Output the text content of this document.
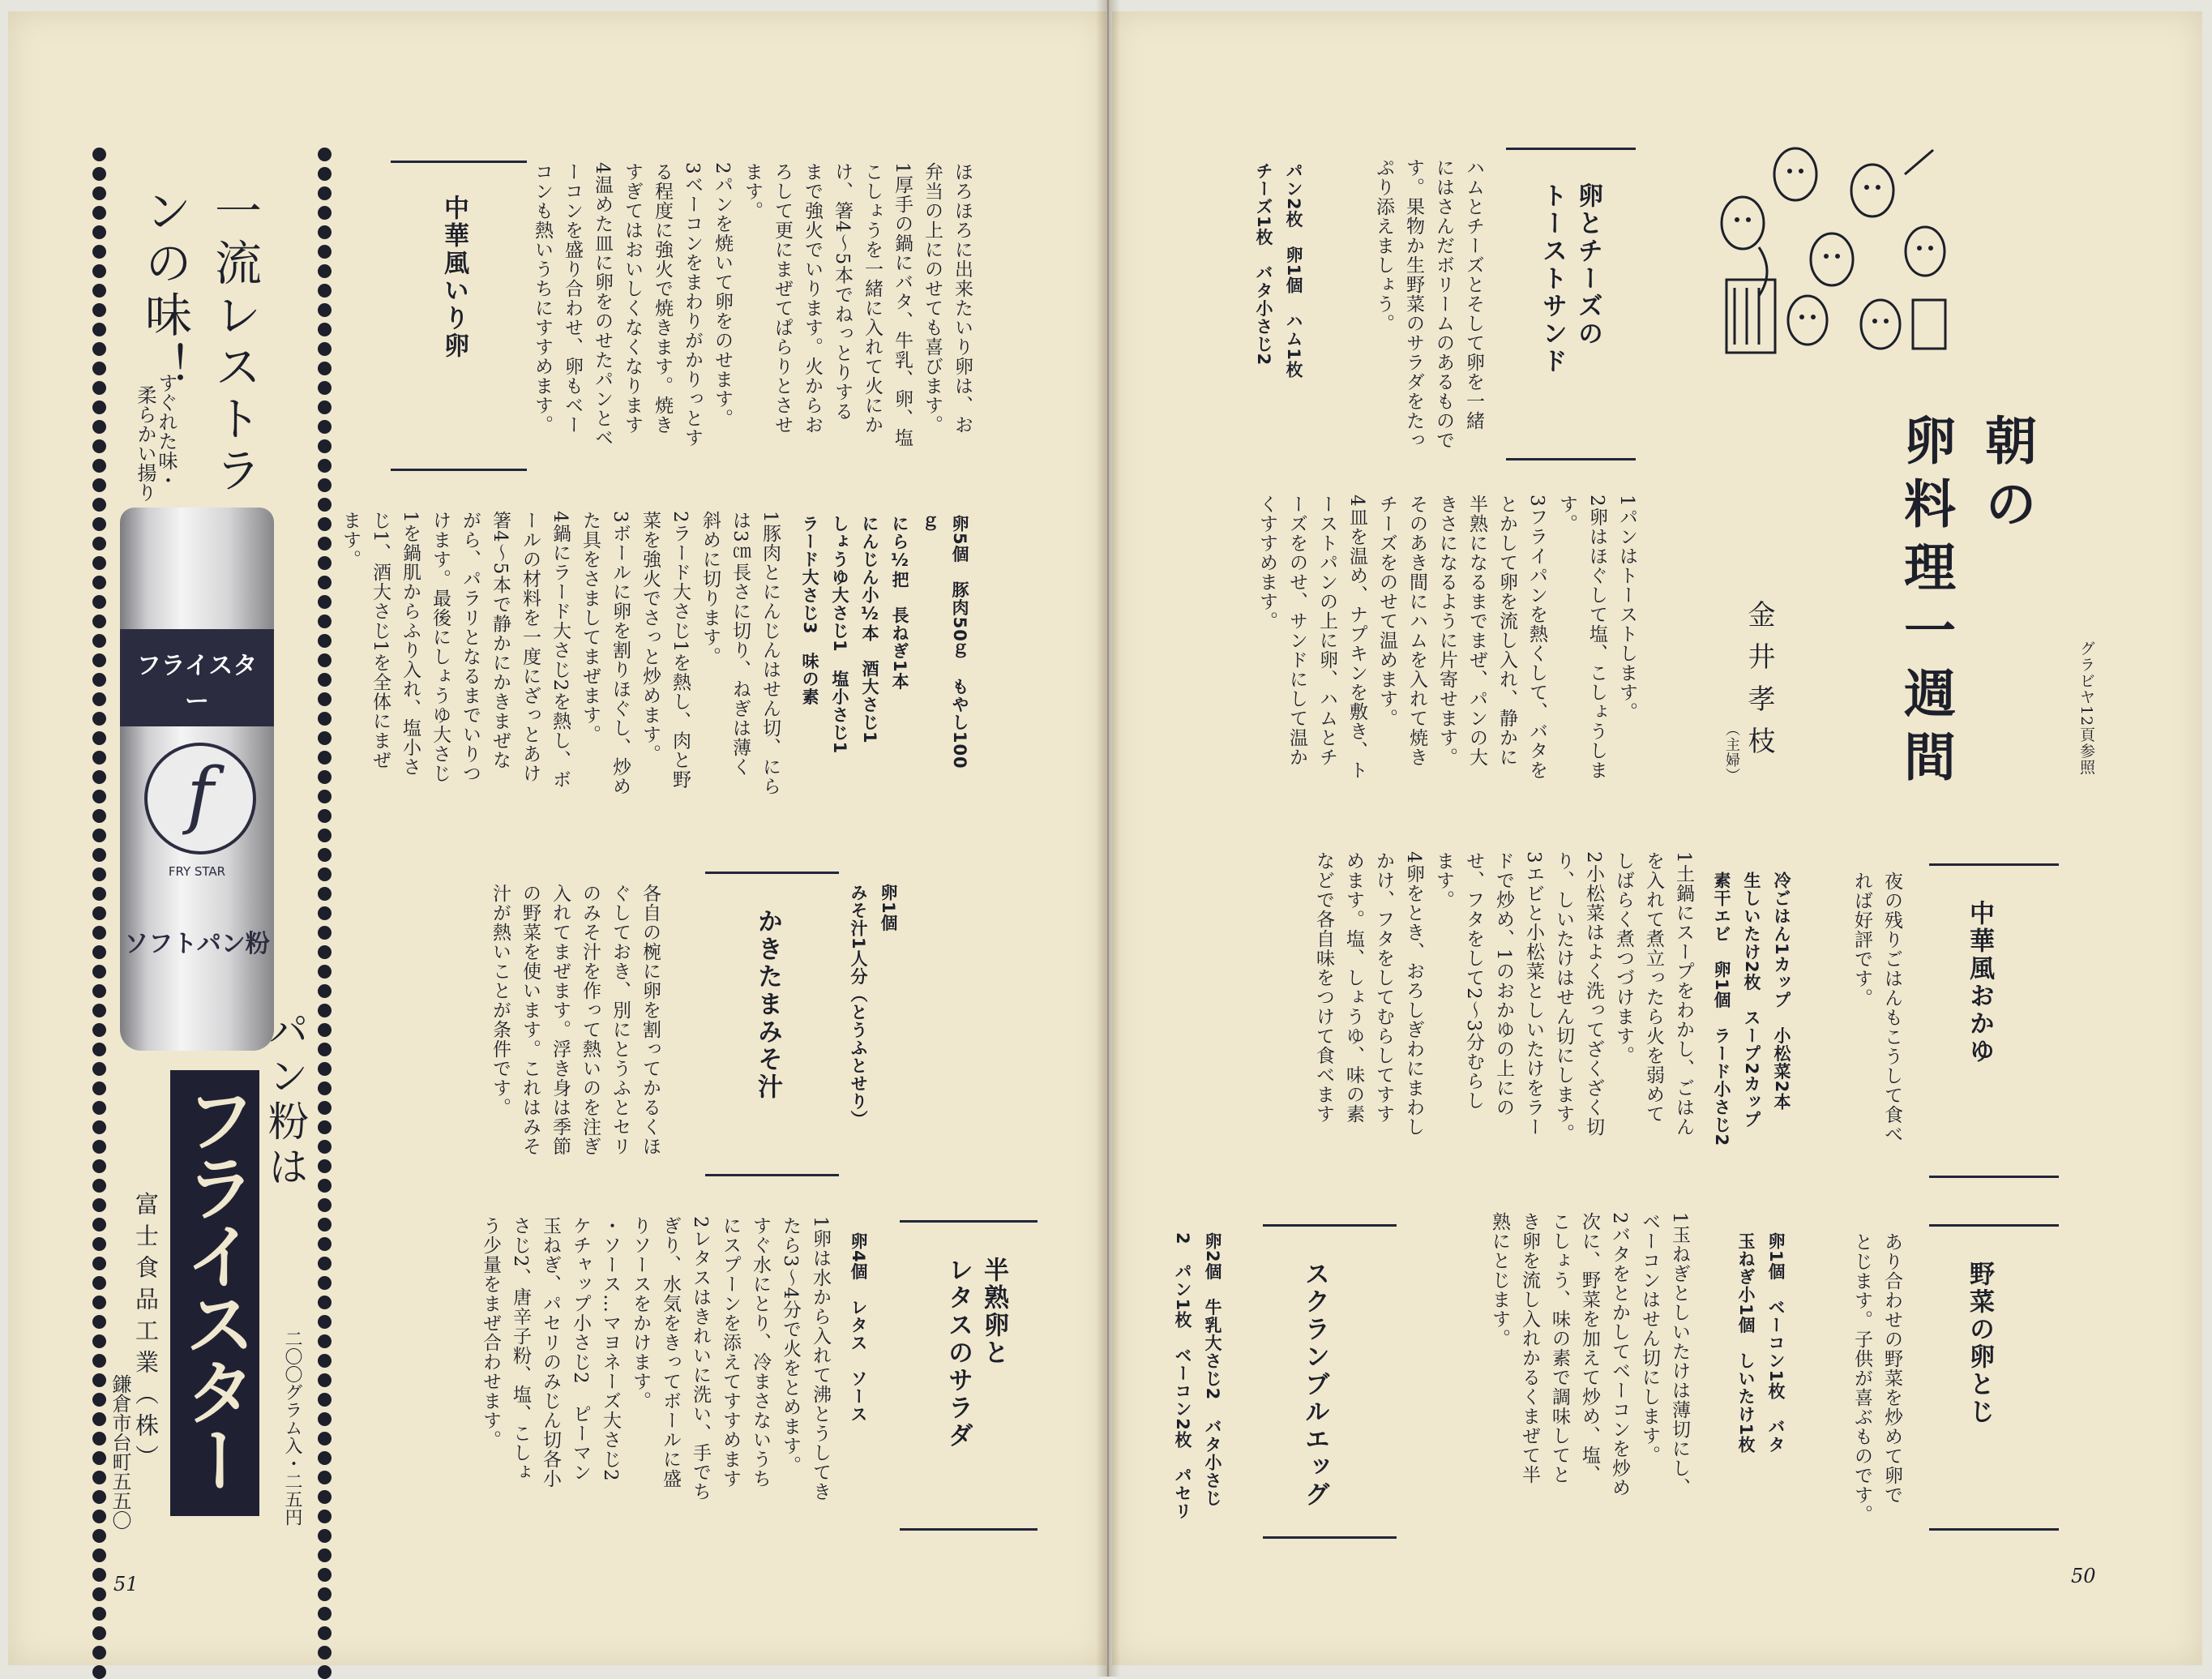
一流レストランの味！
すぐれた味・
柔らかい揚り
フライスター
f
FRY STAR
ソフトパン粉
パン粉は
フライスター 二〇〇グラム入・二五円
富士食品工業（株）
鎌倉市台町五五〇
51
中華風いり卵	ほろほろに出来たいり卵は、お
弁当の上にのせても喜びます。
1厚手の鍋にバタ、牛乳、卵、塩
こしょうを一緒に入れて火にか
け、箸4〜5本でねっとりする
まで強火でいります。火からお
ろして更にまぜてぱらりとさせ
ます。
2パンを焼いて卵をのせます。
3ベーコンをまわりがかりっとす
る程度に強火で焼きます。焼き
すぎてはおいしくなくなります
4温めた皿に卵をのせたパンとベ
ーコンを盛り合わせ、卵もベー
コンも熱いうちにすすめます。
卵5個　豚肉50ｇ　もやし100ｇ
にら½把　長ねぎ1本
にんじん小½本　酒大さじ1
しょうゆ大さじ1　塩小さじ1
ラード大さじ3　味の素
1豚肉とにんじんはせん切、にら
は3㎝長さに切り、ねぎは薄く
斜めに切ります。
2ラード大さじ1を熱し、肉と野
菜を強火でさっと炒めます。
3ボールに卵を割りほぐし、炒め
た具をさましてまぜます。
4鍋にラード大さじ2を熱し、ボ
ールの材料を一度にざっとあけ
箸4〜5本で静かにかきまぜな
がら、パラリとなるまでいりつ
けます。最後にしょうゆ大さじ
1を鍋肌からふり入れ、塩小さ
じ1、酒大さじ1を全体にまぜ
ます。
かきたまみそ汁
卵1個
みそ汁1人分（とうふとせり）
半熟卵と
レタスのサラダ
卵4個　レタス　ソース
1卵は水から入れて沸とうしてき
たら3〜4分で火をとめます。
すぐ水にとり、冷まさないうち
にスプーンを添えてすすめます
2レタスはきれいに洗い、手でち
ぎり、水気をきってボールに盛
りソースをかけます。
・ソース…マヨネーズ大さじ2
ケチャップ小さじ2　ピーマン
玉ねぎ、パセリのみじん切各小
さじ2、唐辛子粉、塩、こしょ
う少量をまぜ合わせます。
各自の椀に卵を割ってかるくほ
ぐしておき、別にとうふとセリ
のみそ汁を作って熱いのを注ぎ
入れてまぜます。浮き身は季節
の野菜を使います。これはみそ
汁が熱いことが条件です。
グラビヤ12頁参照
50
朝の
卵料理一週間
金井孝枝
（主婦）
卵とチーズの
トーストサンド
ハムとチーズとそして卵を一緒
にはさんだボリームのあるもので
す。果物か生野菜のサラダをたっ
ぷり添えましょう。
パン2枚　卵1個　ハム1枚
チーズ1枚　バタ小さじ2
1パンはトーストします。
2卵はほぐして塩、こしょうしま
す。
3フライパンを熱くして、バタを
とかして卵を流し入れ、静かに
半熟になるまでまぜ、パンの大
きさになるように片寄せます。
そのあき間にハムを入れて焼き
チーズをのせて温めます。
4皿を温め、ナプキンを敷き、ト
ーストパンの上に卵、ハムとチ
ーズをのせ、サンドにして温か
くすすめます。
中華風おかゆ
夜の残りごはんもこうして食べ
れば好評です。
冷ごはん1カップ　小松菜2本
生しいたけ2枚　スープ2カップ
素干エビ　卵1個　ラード小さじ2
1土鍋にスープをわかし、ごはん
を入れて煮立ったら火を弱めて
しばらく煮つづけます。
2小松菜はよく洗ってざくざく切
り、しいたけはせん切にします。
3エビと小松菜としいたけをラー
ドで炒め、1のおかゆの上にの
せ、フタをして2〜3分むらし
ます。
4卵をとき、おろしぎわにまわし
かけ、フタをしてむらしてすす
めます。塩、しょうゆ、味の素
などで各自味をつけて食べます
野菜の卵とじ
あり合わせの野菜を炒めて卵で
とじます。子供が喜ぶものです。
卵1個　ベーコン1枚　バタ
玉ねぎ小1個　しいたけ1枚
1玉ねぎとしいたけは薄切にし、
ベーコンはせん切にします。
2バタをとかしてベーコンを炒め
次に、野菜を加えて炒め、塩、
こしょう、味の素で調味してと
き卵を流し入れかるくまぜて半
熟にとじます。
スクランブルエッグ
卵2個　牛乳大さじ2　バタ小さじ
2　パン1枚　ベーコン2枚　パセリ
